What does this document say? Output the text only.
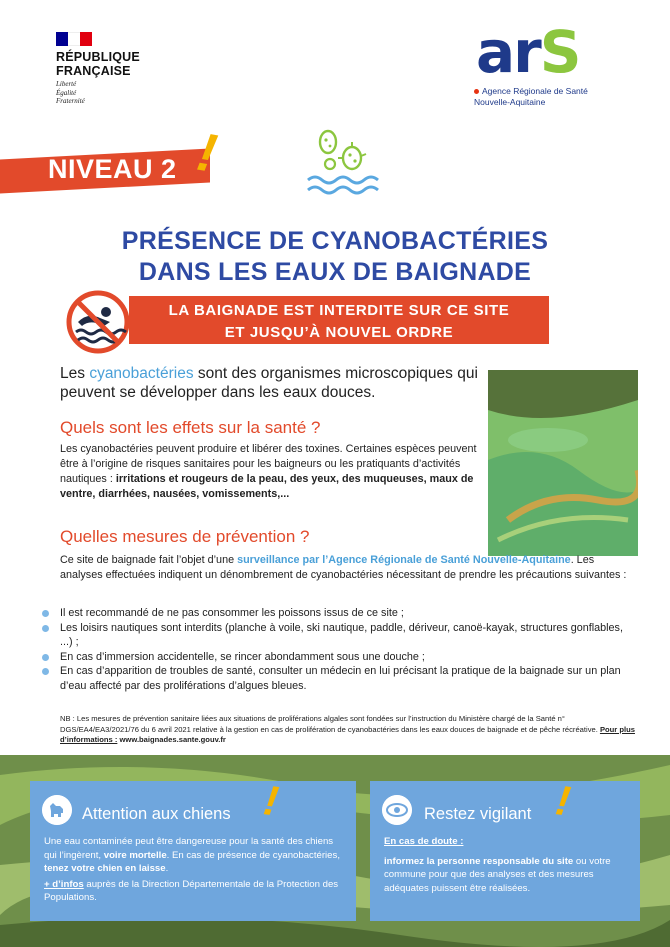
RÉPUBLIQUE
FRANÇAISE
Liberté
Égalité
Fraternité
arS
Agence Régionale de Santé
Nouvelle-Aquitaine
NIVEAU 2 !
PRÉSENCE DE CYANOBACTÉRIES
DANS LES EAUX DE BAIGNADE
LA BAIGNADE EST INTERDITE SUR CE SITE
ET JUSQU’À NOUVEL ORDRE
Les cyanobactéries sont des organismes microscopiques qui peuvent se développer dans les eaux douces.
Quels sont les effets sur la santé ?
Les cyanobactéries peuvent produire et libérer des toxines. Certaines espèces peuvent être à l’origine de risques sanitaires pour les baigneurs ou les pratiquants d’activités nautiques : irritations et rougeurs de la peau, des yeux, des muqueuses, maux de ventre, diarrhées, nausées, vomissements,...
Quelles mesures de prévention ?
Ce site de baignade fait l’objet d’une surveillance par l’Agence Régionale de Santé Nouvelle-Aquitaine. Les analyses effectuées indiquent un dénombrement de cyanobactéries nécessitant de prendre les précautions suivantes :
Il est recommandé de ne pas consommer les poissons issus de ce site ;
Les loisirs nautiques sont interdits (planche à voile, ski nautique, paddle, dériveur, canoë-kayak, structures gonflables, ...) ;
En cas d’immersion accidentelle, se rincer abondamment sous une douche ;
En cas d’apparition de troubles de santé, consulter un médecin en lui précisant la pratique de la baignade sur un plan d’eau affecté par des proliférations d’algues bleues.
NB : Les mesures de prévention sanitaire liées aux situations de proliférations algales sont fondées sur l’instruction du Ministère chargé de la Santé n° DGS/EA4/EA3/2021/76 du 6 avril 2021 relative à la gestion en cas de prolifération de cyanobactéries dans les eaux douces de baignade et de pêche récréative. Pour plus d’informations : www.baignades.sante.gouv.fr
Attention aux chiens !
Une eau contaminée peut être dangereuse pour la santé des chiens qui l’ingèrent, voire mortelle. En cas de présence de cyanobactéries, tenez votre chien en laisse.
+ d’infos auprès de la Direction Départementale de la Protection des Populations.
Restez vigilant !
En cas de doute :
informez la personne responsable du site ou votre commune pour que des analyses et des mesures adéquates puissent être réalisées.
